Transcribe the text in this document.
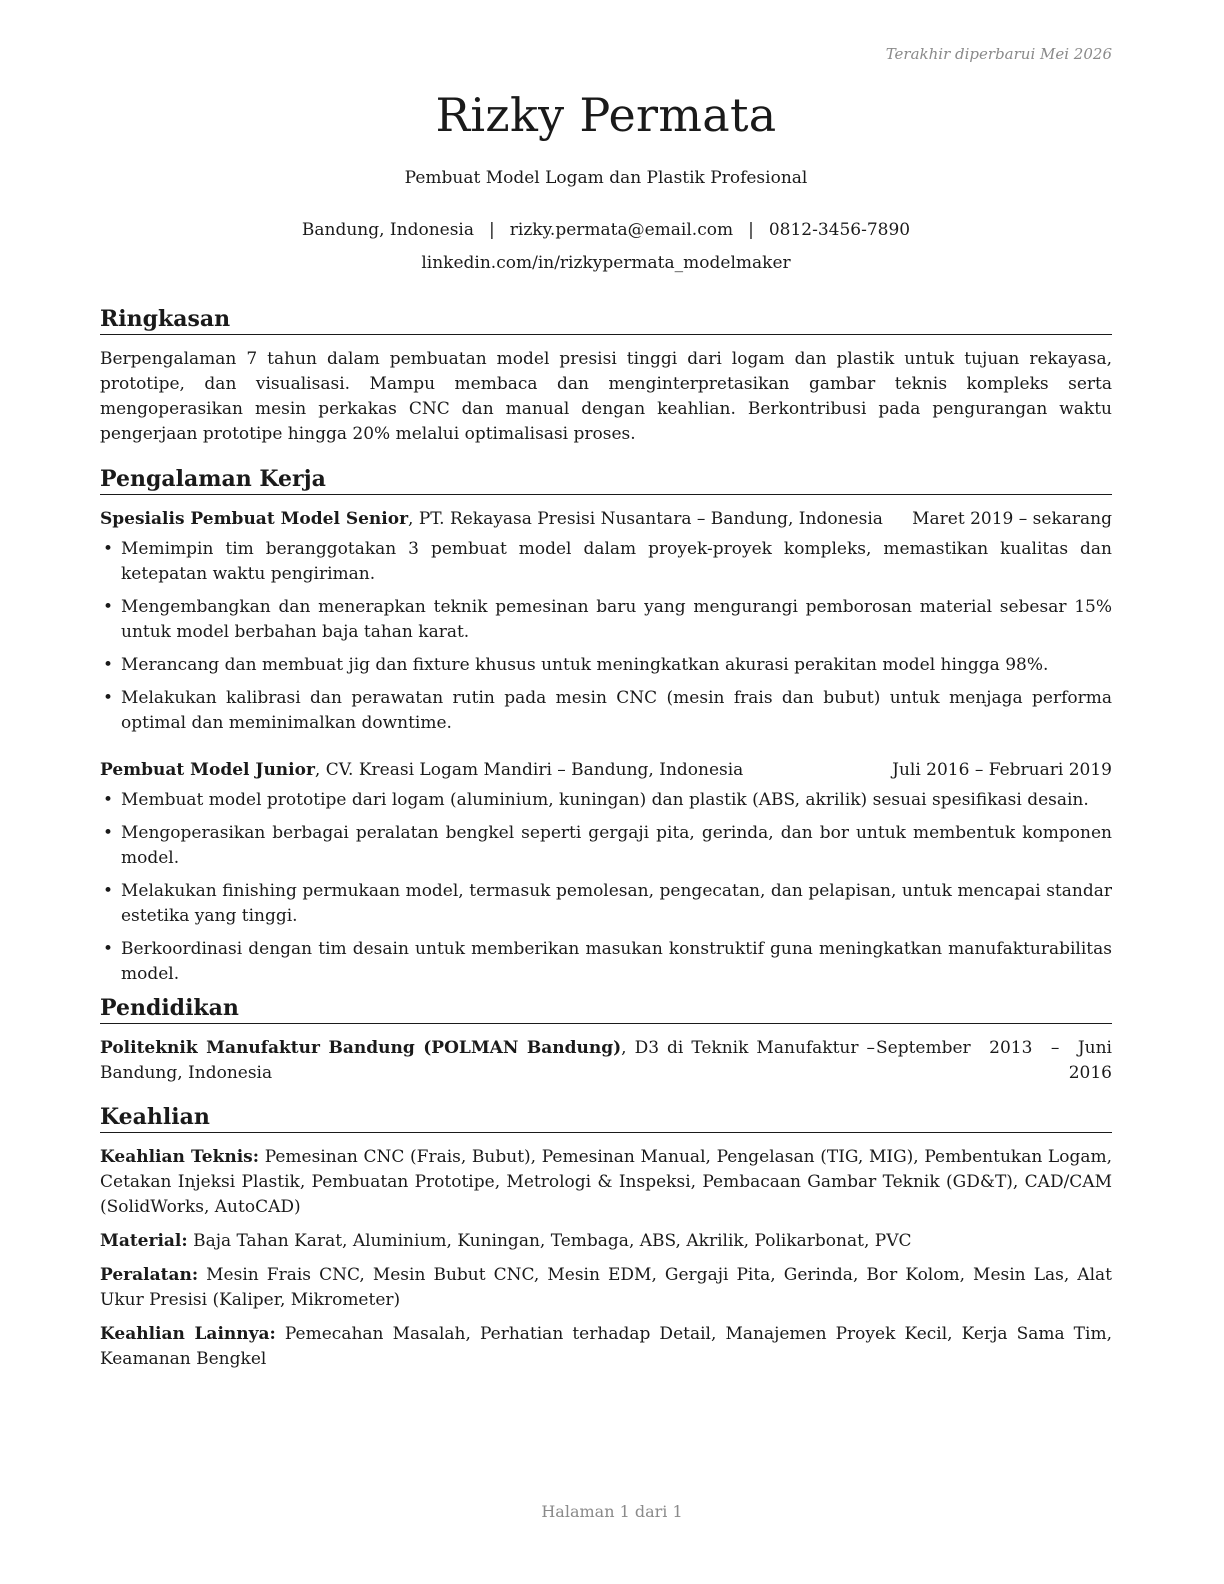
Terakhir diperbarui Mei 2026
Rizky Permata
Pembuat Model Logam dan Plastik Profesional
Bandung, Indonesia | rizky.permata@email.com | 0812-3456-7890
linkedin.com/in/rizkypermata_modelmaker
Ringkasan

Berpengalaman 7 tahun dalam pembuatan model presisi tinggi dari logam dan plastik untuk tujuan rekayasa, prototipe, dan visualisasi. Mampu membaca dan menginterpretasikan gambar teknis kompleks serta mengoperasikan mesin perkakas CNC dan manual dengan keahlian. Berkontribusi pada pengurangan waktu pengerjaan prototipe hingga 20% melalui optimalisasi proses.

Pengalaman Kerja
Spesialis Pembuat Model Senior, PT. Rekayasa Presisi Nusantara – Bandung, Indonesia Maret 2019 – sekarang
• Memimpin tim beranggotakan 3 pembuat model dalam proyek-proyek kompleks, memastikan kualitas dan ketepatan waktu pengiriman.
• Mengembangkan dan menerapkan teknik pemesinan baru yang mengurangi pemborosan material sebesar 15% untuk model berbahan baja tahan karat.
• Merancang dan membuat jig dan fixture khusus untuk meningkatkan akurasi perakitan model hingga 98%.
• Melakukan kalibrasi dan perawatan rutin pada mesin CNC (mesin frais dan bubut) untuk menjaga performa optimal dan meminimalkan downtime.
Pembuat Model Junior, CV. Kreasi Logam Mandiri – Bandung, Indonesia	Juli 2016 – Februari 2019
• Membuat model prototipe dari logam (aluminium, kuningan) dan plastik (ABS, akrilik) sesuai spesifikasi desain.
• Mengoperasikan berbagai peralatan bengkel seperti gergaji pita, gerinda, dan bor untuk membentuk komponen model.
• Melakukan finishing permukaan model, termasuk pemolesan, pengecatan, dan pelapisan, untuk mencapai standar estetika yang tinggi.
• Berkoordinasi dengan tim desain untuk memberikan masukan konstruktif guna meningkatkan manufakturabilitas model.
Pendidikan
Politeknik Manufaktur Bandung (POLMAN Bandung), D3 di Teknik Manufaktur – Bandung, Indonesia
September 2013 – Juni 2016
Keahlian

Keahlian Teknis: Pemesinan CNC (Frais, Bubut), Pemesinan Manual, Pengelasan (TIG, MIG), Pembentukan Logam, Cetakan Injeksi Plastik, Pembuatan Prototipe, Metrologi & Inspeksi, Pembacaan Gambar Teknik (GD&T), CAD/CAM (SolidWorks, AutoCAD)

Material: Baja Tahan Karat, Aluminium, Kuningan, Tembaga, ABS, Akrilik, Polikarbonat, PVC

Peralatan: Mesin Frais CNC, Mesin Bubut CNC, Mesin EDM, Gergaji Pita, Gerinda, Bor Kolom, Mesin Las, Alat Ukur Presisi (Kaliper, Mikrometer)

Keahlian Lainnya: Pemecahan Masalah, Perhatian terhadap Detail, Manajemen Proyek Kecil, Kerja Sama Tim, Keamanan Bengkel

Halaman 1 dari 1
